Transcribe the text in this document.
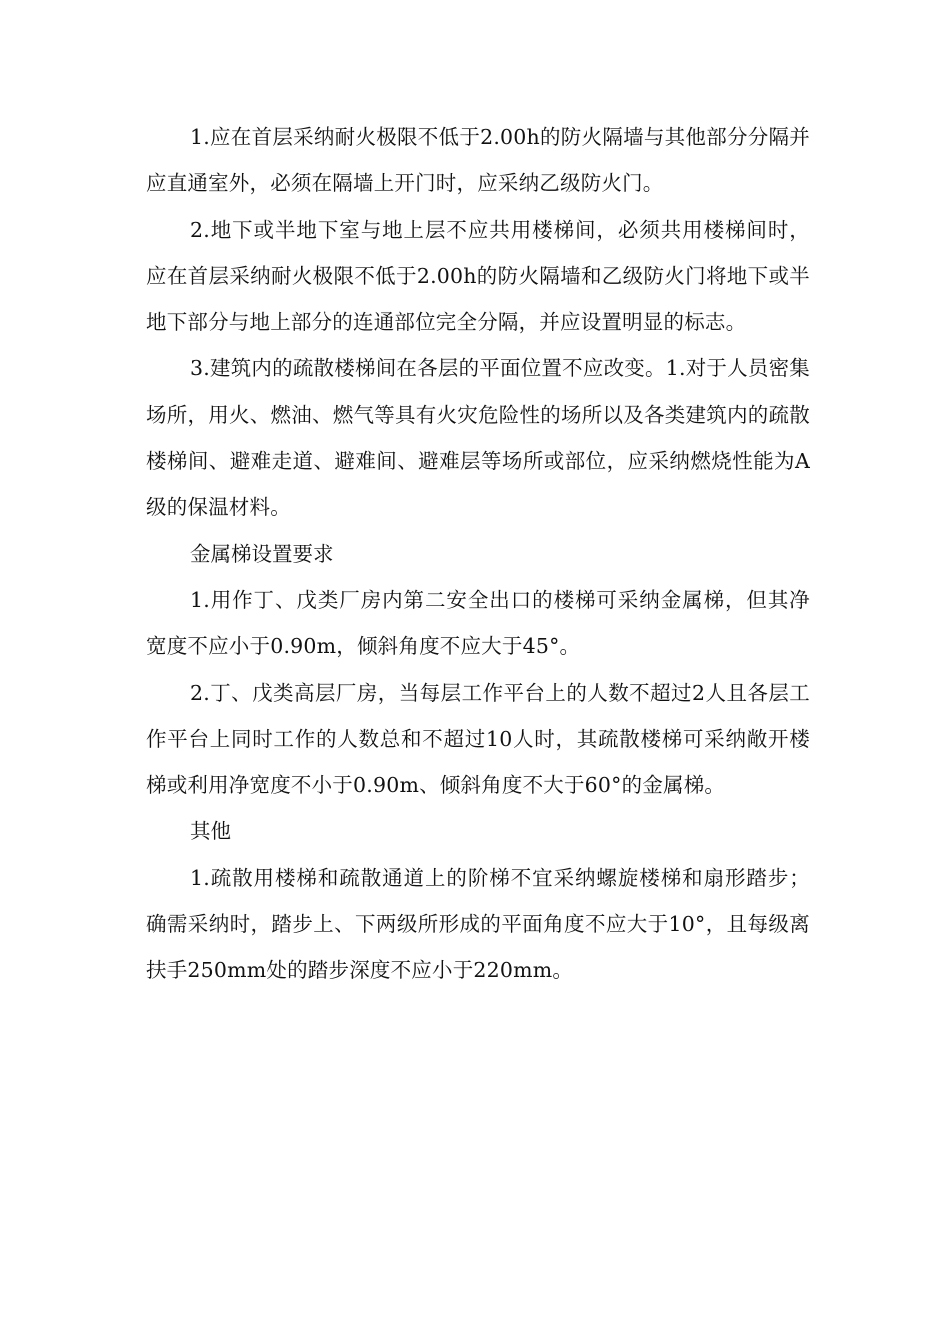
1.应在首层采纳耐火极限不低于2.00h的防火隔墙与其他部分分隔并应直通室外，必须在隔墙上开门时，应采纳乙级防火门。

2.地下或半地下室与地上层不应共用楼梯间，必须共用楼梯间时，应在首层采纳耐火极限不低于2.00h的防火隔墙和乙级防火门将地下或半地下部分与地上部分的连通部位完全分隔，并应设置明显的标志。

3.建筑内的疏散楼梯间在各层的平面位置不应改变。1.对于人员密集场所，用火、燃油、燃气等具有火灾危险性的场所以及各类建筑内的疏散楼梯间、避难走道、避难间、避难层等场所或部位，应采纳燃烧性能为A级的保温材料。

金属梯设置要求

1.用作丁、戊类厂房内第二安全出口的楼梯可采纳金属梯，但其净宽度不应小于0.90m，倾斜角度不应大于45°。

2.丁、戊类高层厂房，当每层工作平台上的人数不超过2人且各层工作平台上同时工作的人数总和不超过10人时，其疏散楼梯可采纳敞开楼梯或利用净宽度不小于0.90m、倾斜角度不大于60°的金属梯。

其他

1.疏散用楼梯和疏散通道上的阶梯不宜采纳螺旋楼梯和扇形踏步；确需采纳时，踏步上、下两级所形成的平面角度不应大于10°，且每级离扶手250mm处的踏步深度不应小于220mm。
